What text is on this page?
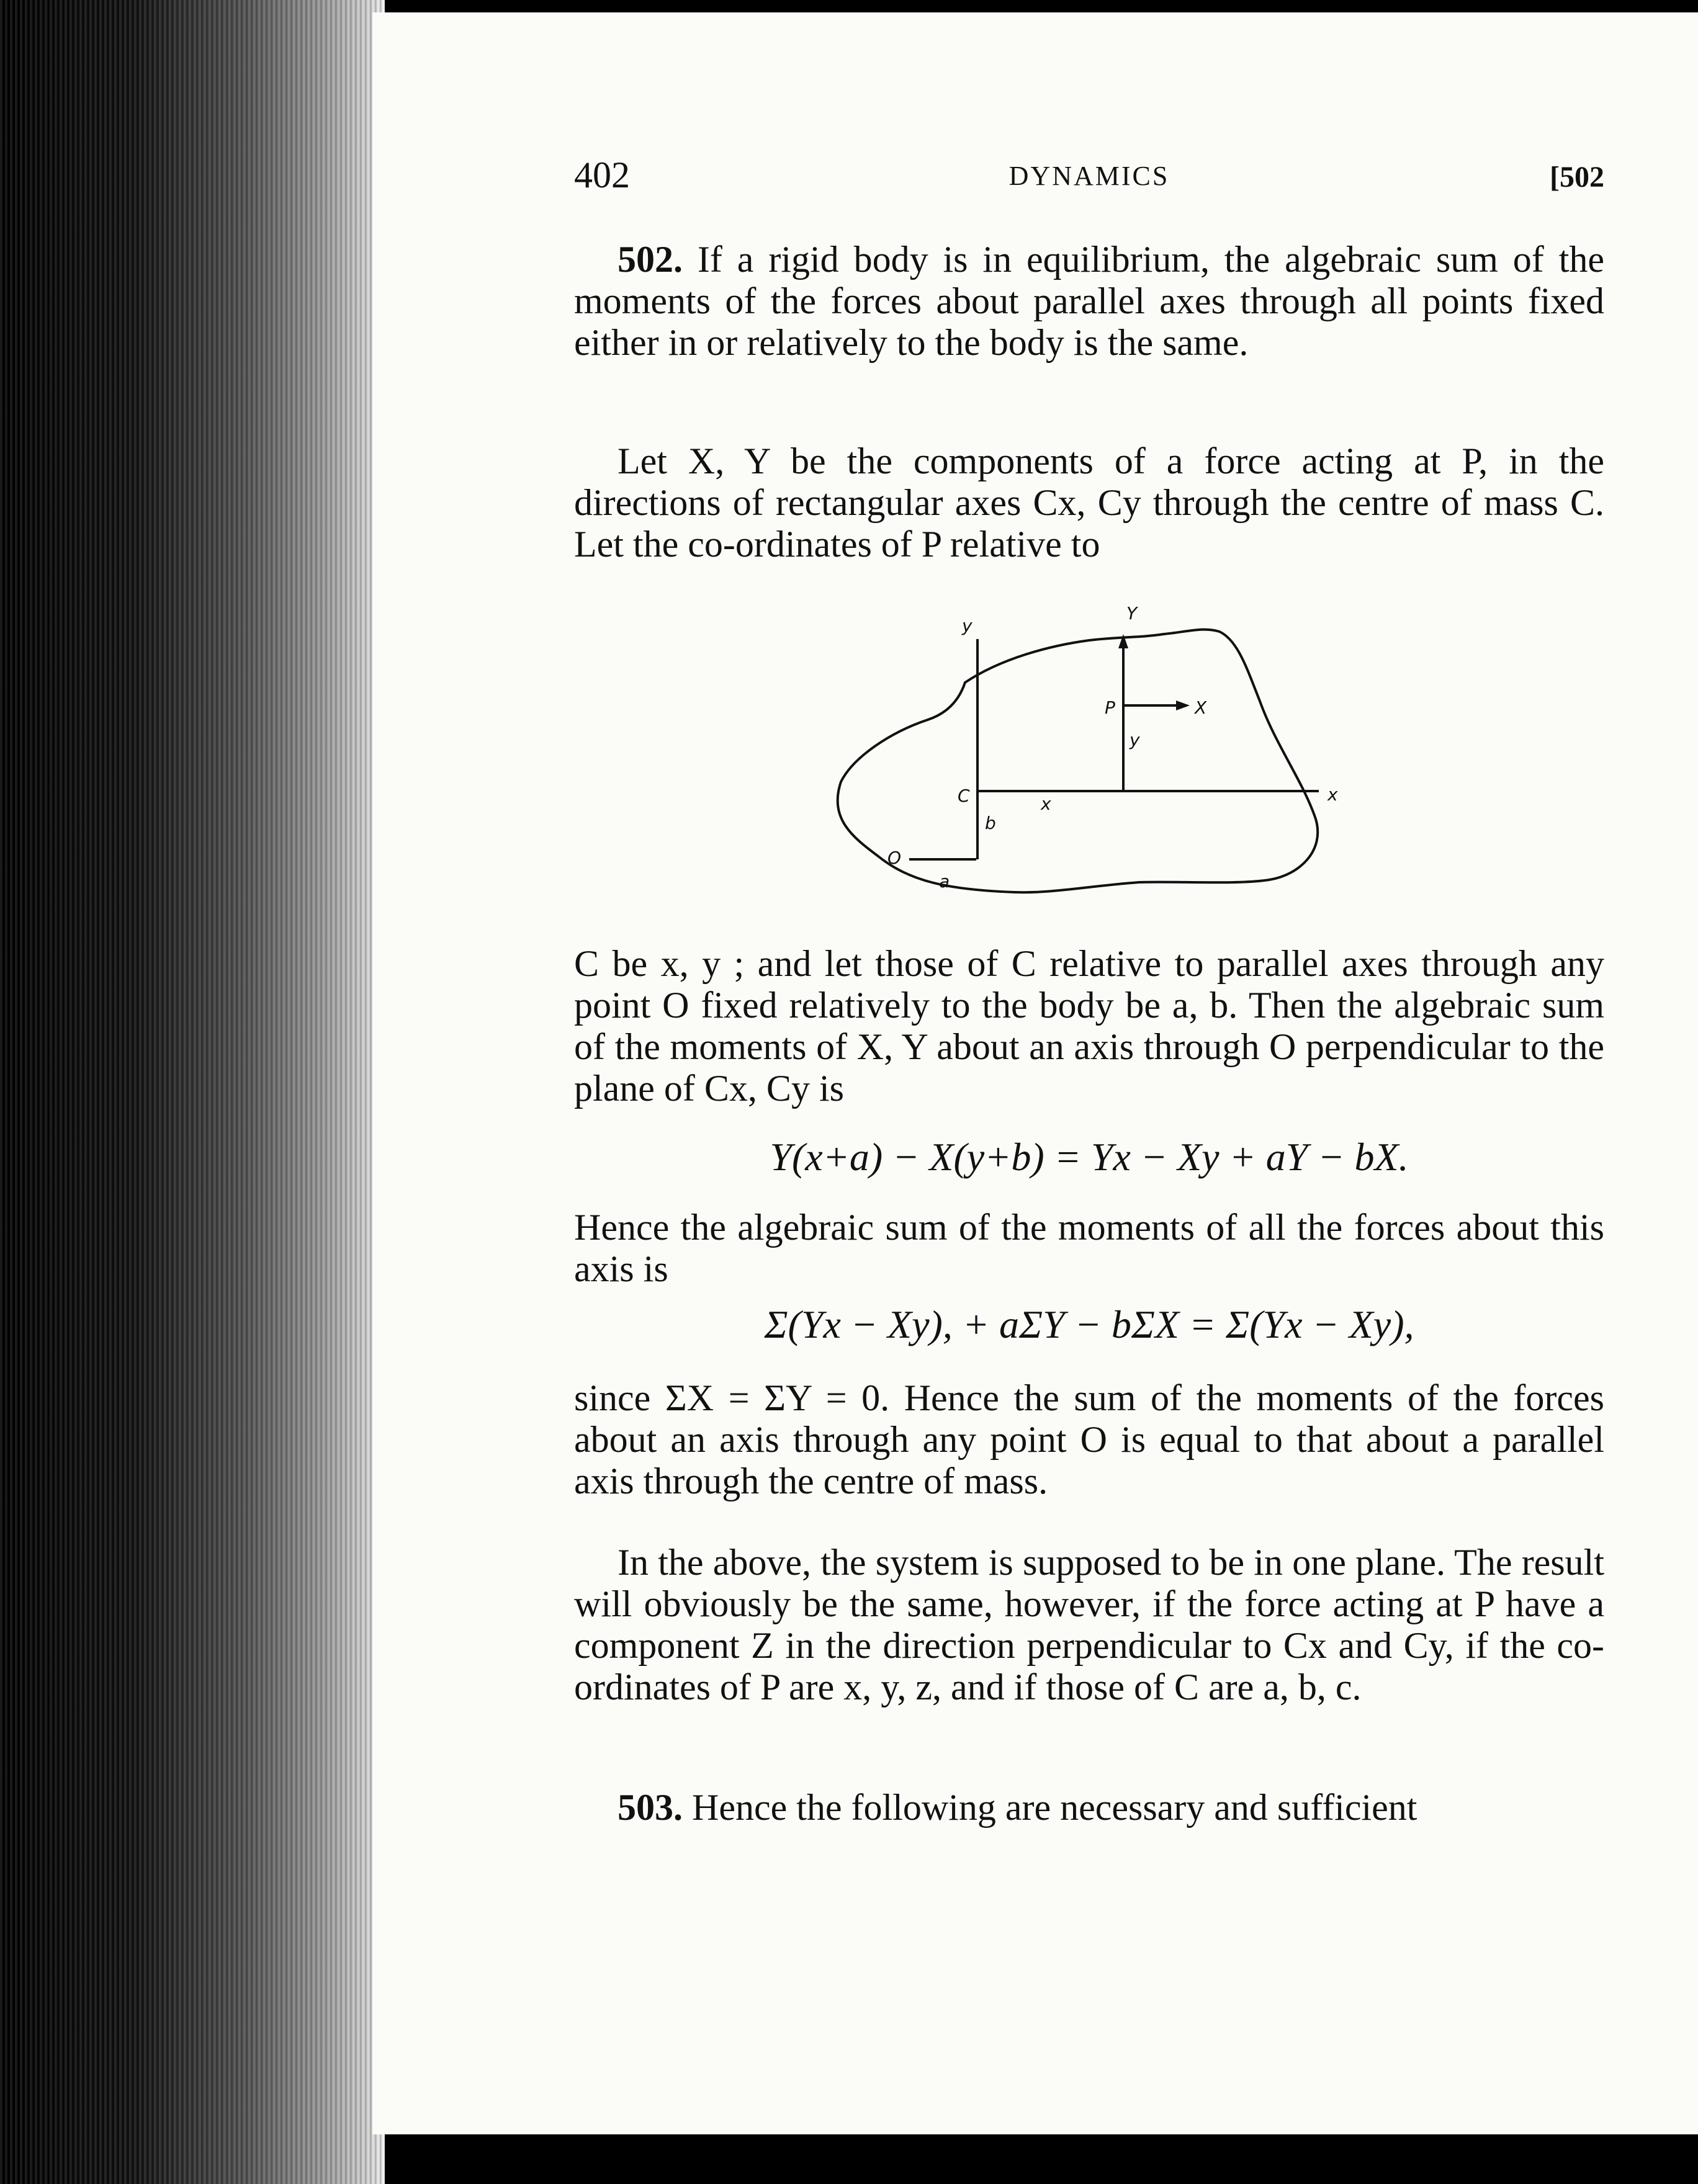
402	DYNAMICS	[502

502. If a rigid body is in equilibrium, the algebraic sum of the moments of the forces about parallel axes through all points fixed either in or relatively to the body is the same.

Let X, Y be the components of a force acting at P, in the directions of rectangular axes Cx, Cy through the centre of mass C. Let the co-ordinates of P relative to

y
Y
P	X
y
C	x
x
b
O
a

C be x, y ; and let those of C relative to parallel axes through any point O fixed relatively to the body be a, b. Then the algebraic sum of the moments of X, Y about an axis through O perpendicular to the plane of Cx, Cy is

Y(x+a) − X(y+b) = Yx − Xy + aY − bX.

Hence the algebraic sum of the moments of all the forces about this axis is

Σ(Yx − Xy), + aΣY − bΣX = Σ(Yx − Xy),

since ΣX = ΣY = 0. Hence the sum of the moments of the forces about an axis through any point O is equal to that about a parallel axis through the centre of mass.

In the above, the system is supposed to be in one plane. The result will obviously be the same, however, if the force acting at P have a component Z in the direction perpendicular to Cx and Cy, if the co-ordinates of P are x, y, z, and if those of C are a, b, c.

503. Hence the following are necessary and sufficient
